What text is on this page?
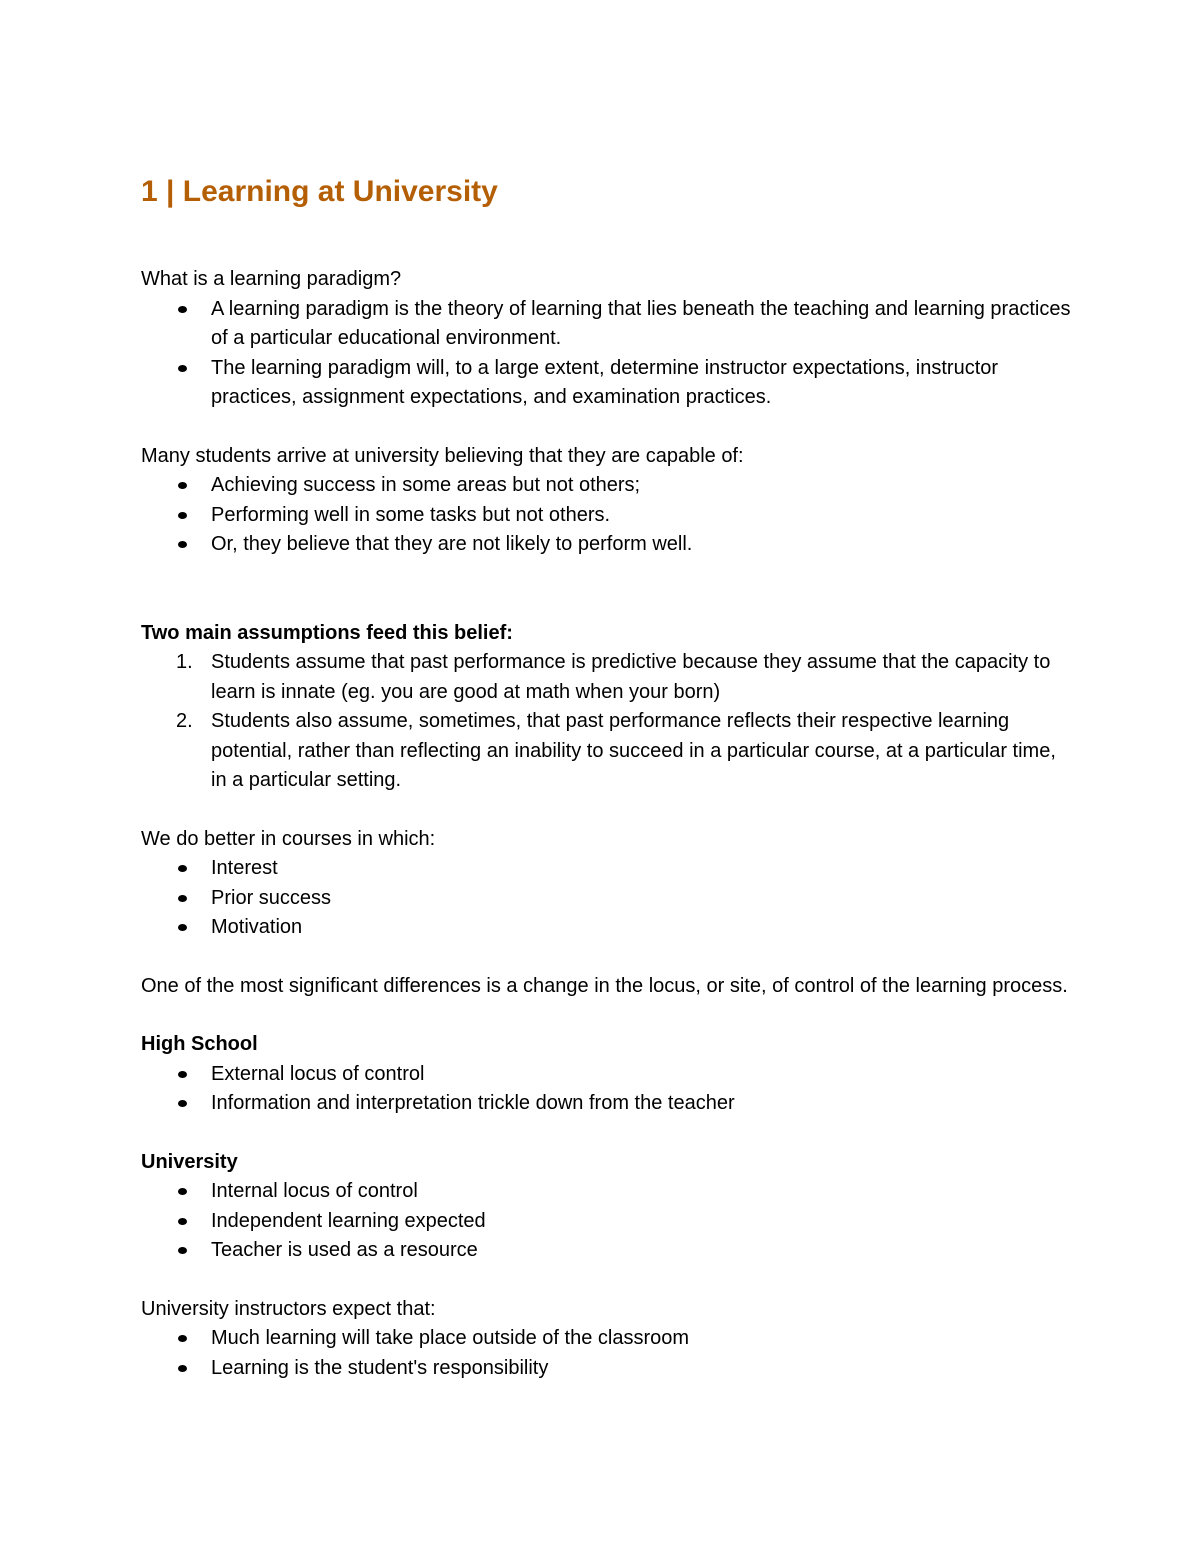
1 | Learning at University

What is a learning paradigm?

A learning paradigm is the theory of learning that lies beneath the teaching and learning practices of a particular educational environment.
The learning paradigm will, to a large extent, determine instructor expectations, instructor practices, assignment expectations, and examination practices.

Many students arrive at university believing that they are capable of:

Achieving success in some areas but not others;
Performing well in some tasks but not others.
Or, they believe that they are not likely to perform well.

Two main assumptions feed this belief:

1. Students assume that past performance is predictive because they assume that the capacity to learn is innate (eg. you are good at math when your born)
2. Students also assume, sometimes, that past performance reflects their respective learning potential, rather than reflecting an inability to succeed in a particular course, at a particular time, in a particular setting.

We do better in courses in which:

Interest
Prior success
Motivation

One of the most significant differences is a change in the locus, or site, of control of the learning process.

High School

External locus of control
Information and interpretation trickle down from the teacher

University

Internal locus of control
Independent learning expected
Teacher is used as a resource

University instructors expect that:

Much learning will take place outside of the classroom
Learning is the student's responsibility
